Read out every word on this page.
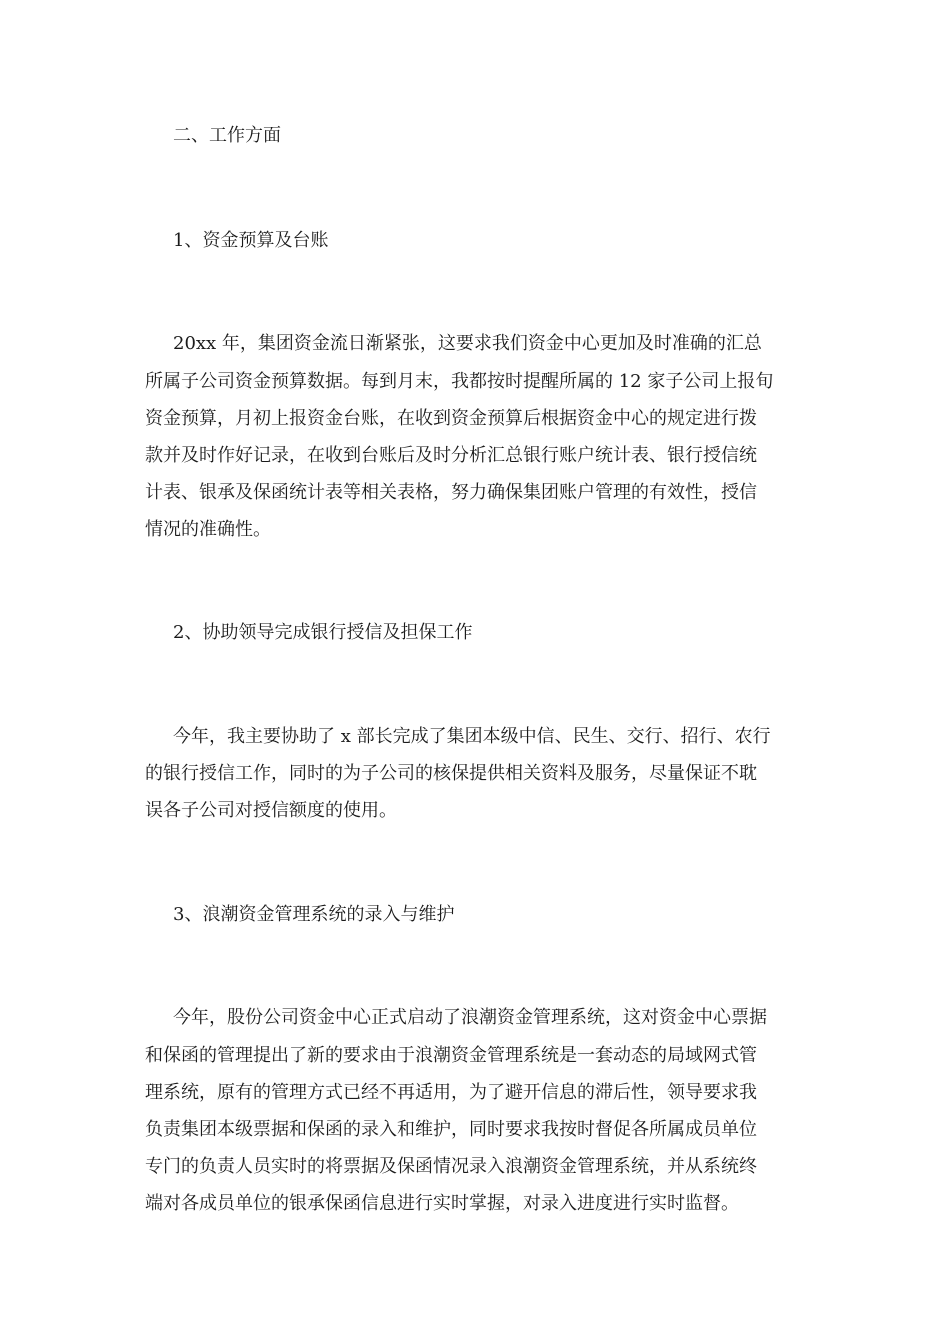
二、工作方面

1、资金预算及台账

20xx 年，集团资金流日渐紧张，这要求我们资金中心更加及时准确的汇总

所属子公司资金预算数据。每到月末，我都按时提醒所属的 12 家子公司上报旬

资金预算，月初上报资金台账，在收到资金预算后根据资金中心的规定进行拨

款并及时作好记录，在收到台账后及时分析汇总银行账户统计表、银行授信统

计表、银承及保函统计表等相关表格，努力确保集团账户管理的有效性，授信

情况的准确性。

2、协助领导完成银行授信及担保工作

今年，我主要协助了 x 部长完成了集团本级中信、民生、交行、招行、农行

的银行授信工作，同时的为子公司的核保提供相关资料及服务，尽量保证不耽

误各子公司对授信额度的使用。

3、浪潮资金管理系统的录入与维护

今年，股份公司资金中心正式启动了浪潮资金管理系统，这对资金中心票据

和保函的管理提出了新的要求由于浪潮资金管理系统是一套动态的局域网式管

理系统，原有的管理方式已经不再适用，为了避开信息的滞后性，领导要求我

负责集团本级票据和保函的录入和维护，同时要求我按时督促各所属成员单位

专门的负责人员实时的将票据及保函情况录入浪潮资金管理系统，并从系统终

端对各成员单位的银承保函信息进行实时掌握，对录入进度进行实时监督。
